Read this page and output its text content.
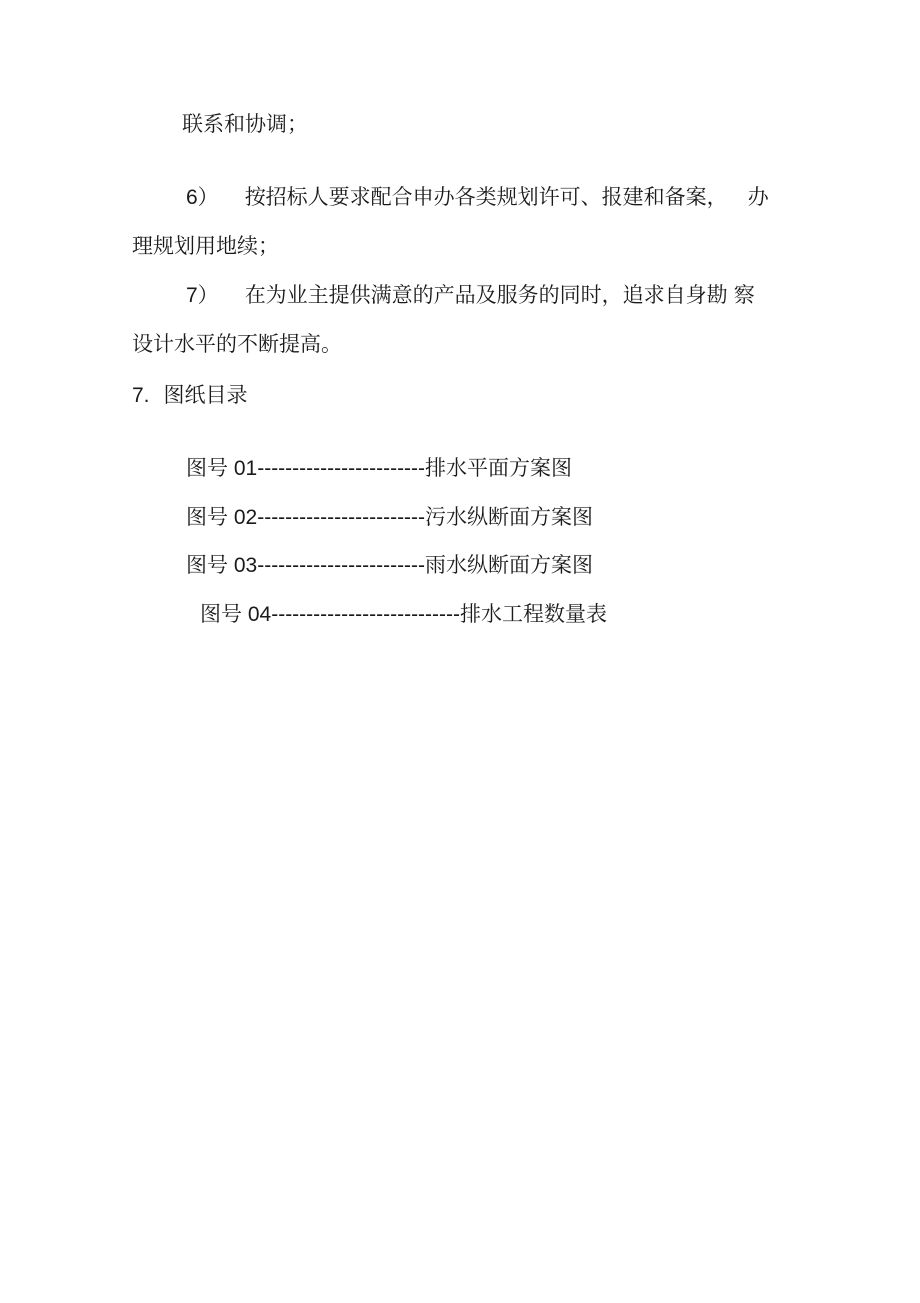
联系和协调；
6） 按招标人要求配合申办各类规划许可、报建和备案， 办
理规划用地续；
7） 在为业主提供满意的产品及服务的同时，追求自身勘 察
设计水平的不断提高。
7. 图纸目录
图号 01------------------------排水平面方案图
图号 02------------------------污水纵断面方案图
图号 03------------------------雨水纵断面方案图
图号 04---------------------------排水工程数量表
